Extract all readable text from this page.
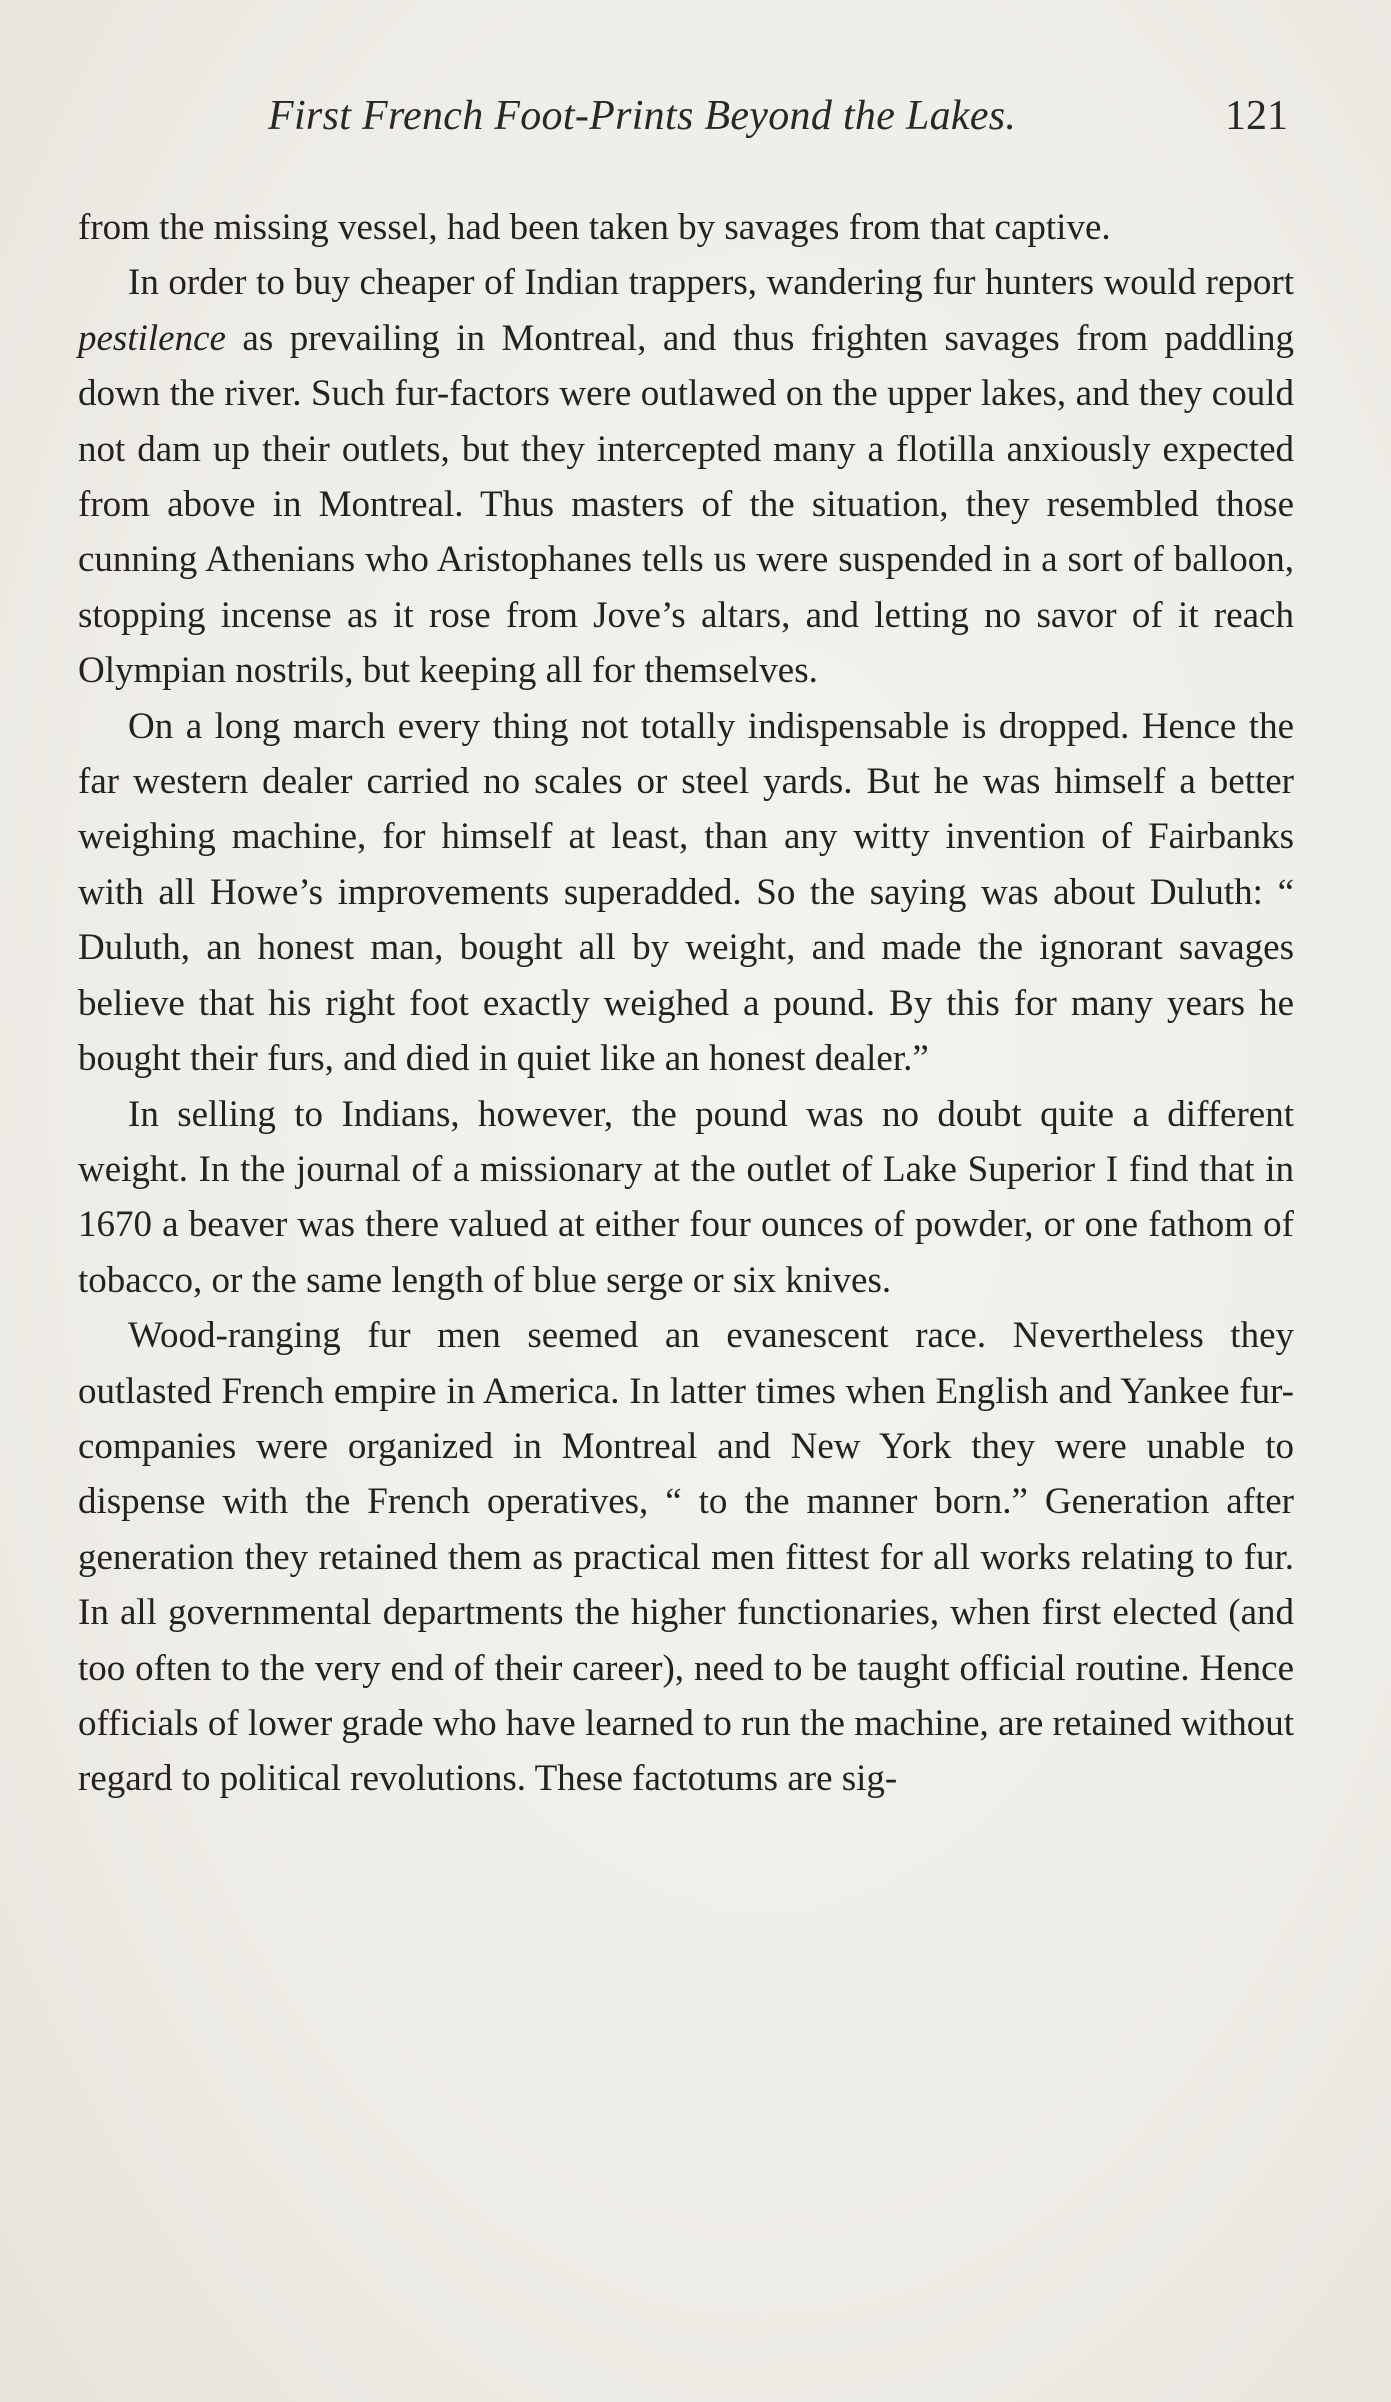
First French Foot-Prints Beyond the Lakes.	121

from the missing vessel, had been taken by savages from that captive.

In order to buy cheaper of Indian trappers, wandering fur hunters would report pestilence as prevailing in Montreal, and thus frighten savages from paddling down the river. Such fur-factors were outlawed on the upper lakes, and they could not dam up their outlets, but they intercepted many a flotilla anxiously expected from above in Montreal. Thus masters of the situation, they resembled those cunning Athenians who Aristophanes tells us were suspended in a sort of balloon, stopping incense as it rose from Jove’s altars, and letting no savor of it reach Olympian nostrils, but keeping all for themselves.

On a long march every thing not totally indispensable is dropped. Hence the far western dealer carried no scales or steel yards. But he was himself a better weighing machine, for himself at least, than any witty invention of Fairbanks with all Howe’s improvements superadded. So the saying was about Duluth: “ Duluth, an honest man, bought all by weight, and made the ignorant savages believe that his right foot exactly weighed a pound. By this for many years he bought their furs, and died in quiet like an honest dealer.”

In selling to Indians, however, the pound was no doubt quite a different weight. In the journal of a missionary at the outlet of Lake Superior I find that in 1670 a beaver was there valued at either four ounces of powder, or one fathom of tobacco, or the same length of blue serge or six knives.

Wood-ranging fur men seemed an evanescent race. Nevertheless they outlasted French empire in America. In latter times when English and Yankee fur-companies were organized in Montreal and New York they were unable to dispense with the French operatives, “ to the manner born.” Generation after generation they retained them as practical men fittest for all works relating to fur. In all governmental departments the higher functionaries, when first elected (and too often to the very end of their career), need to be taught official routine. Hence officials of lower grade who have learned to run the machine, are retained without regard to political revolutions. These factotums are sig-
